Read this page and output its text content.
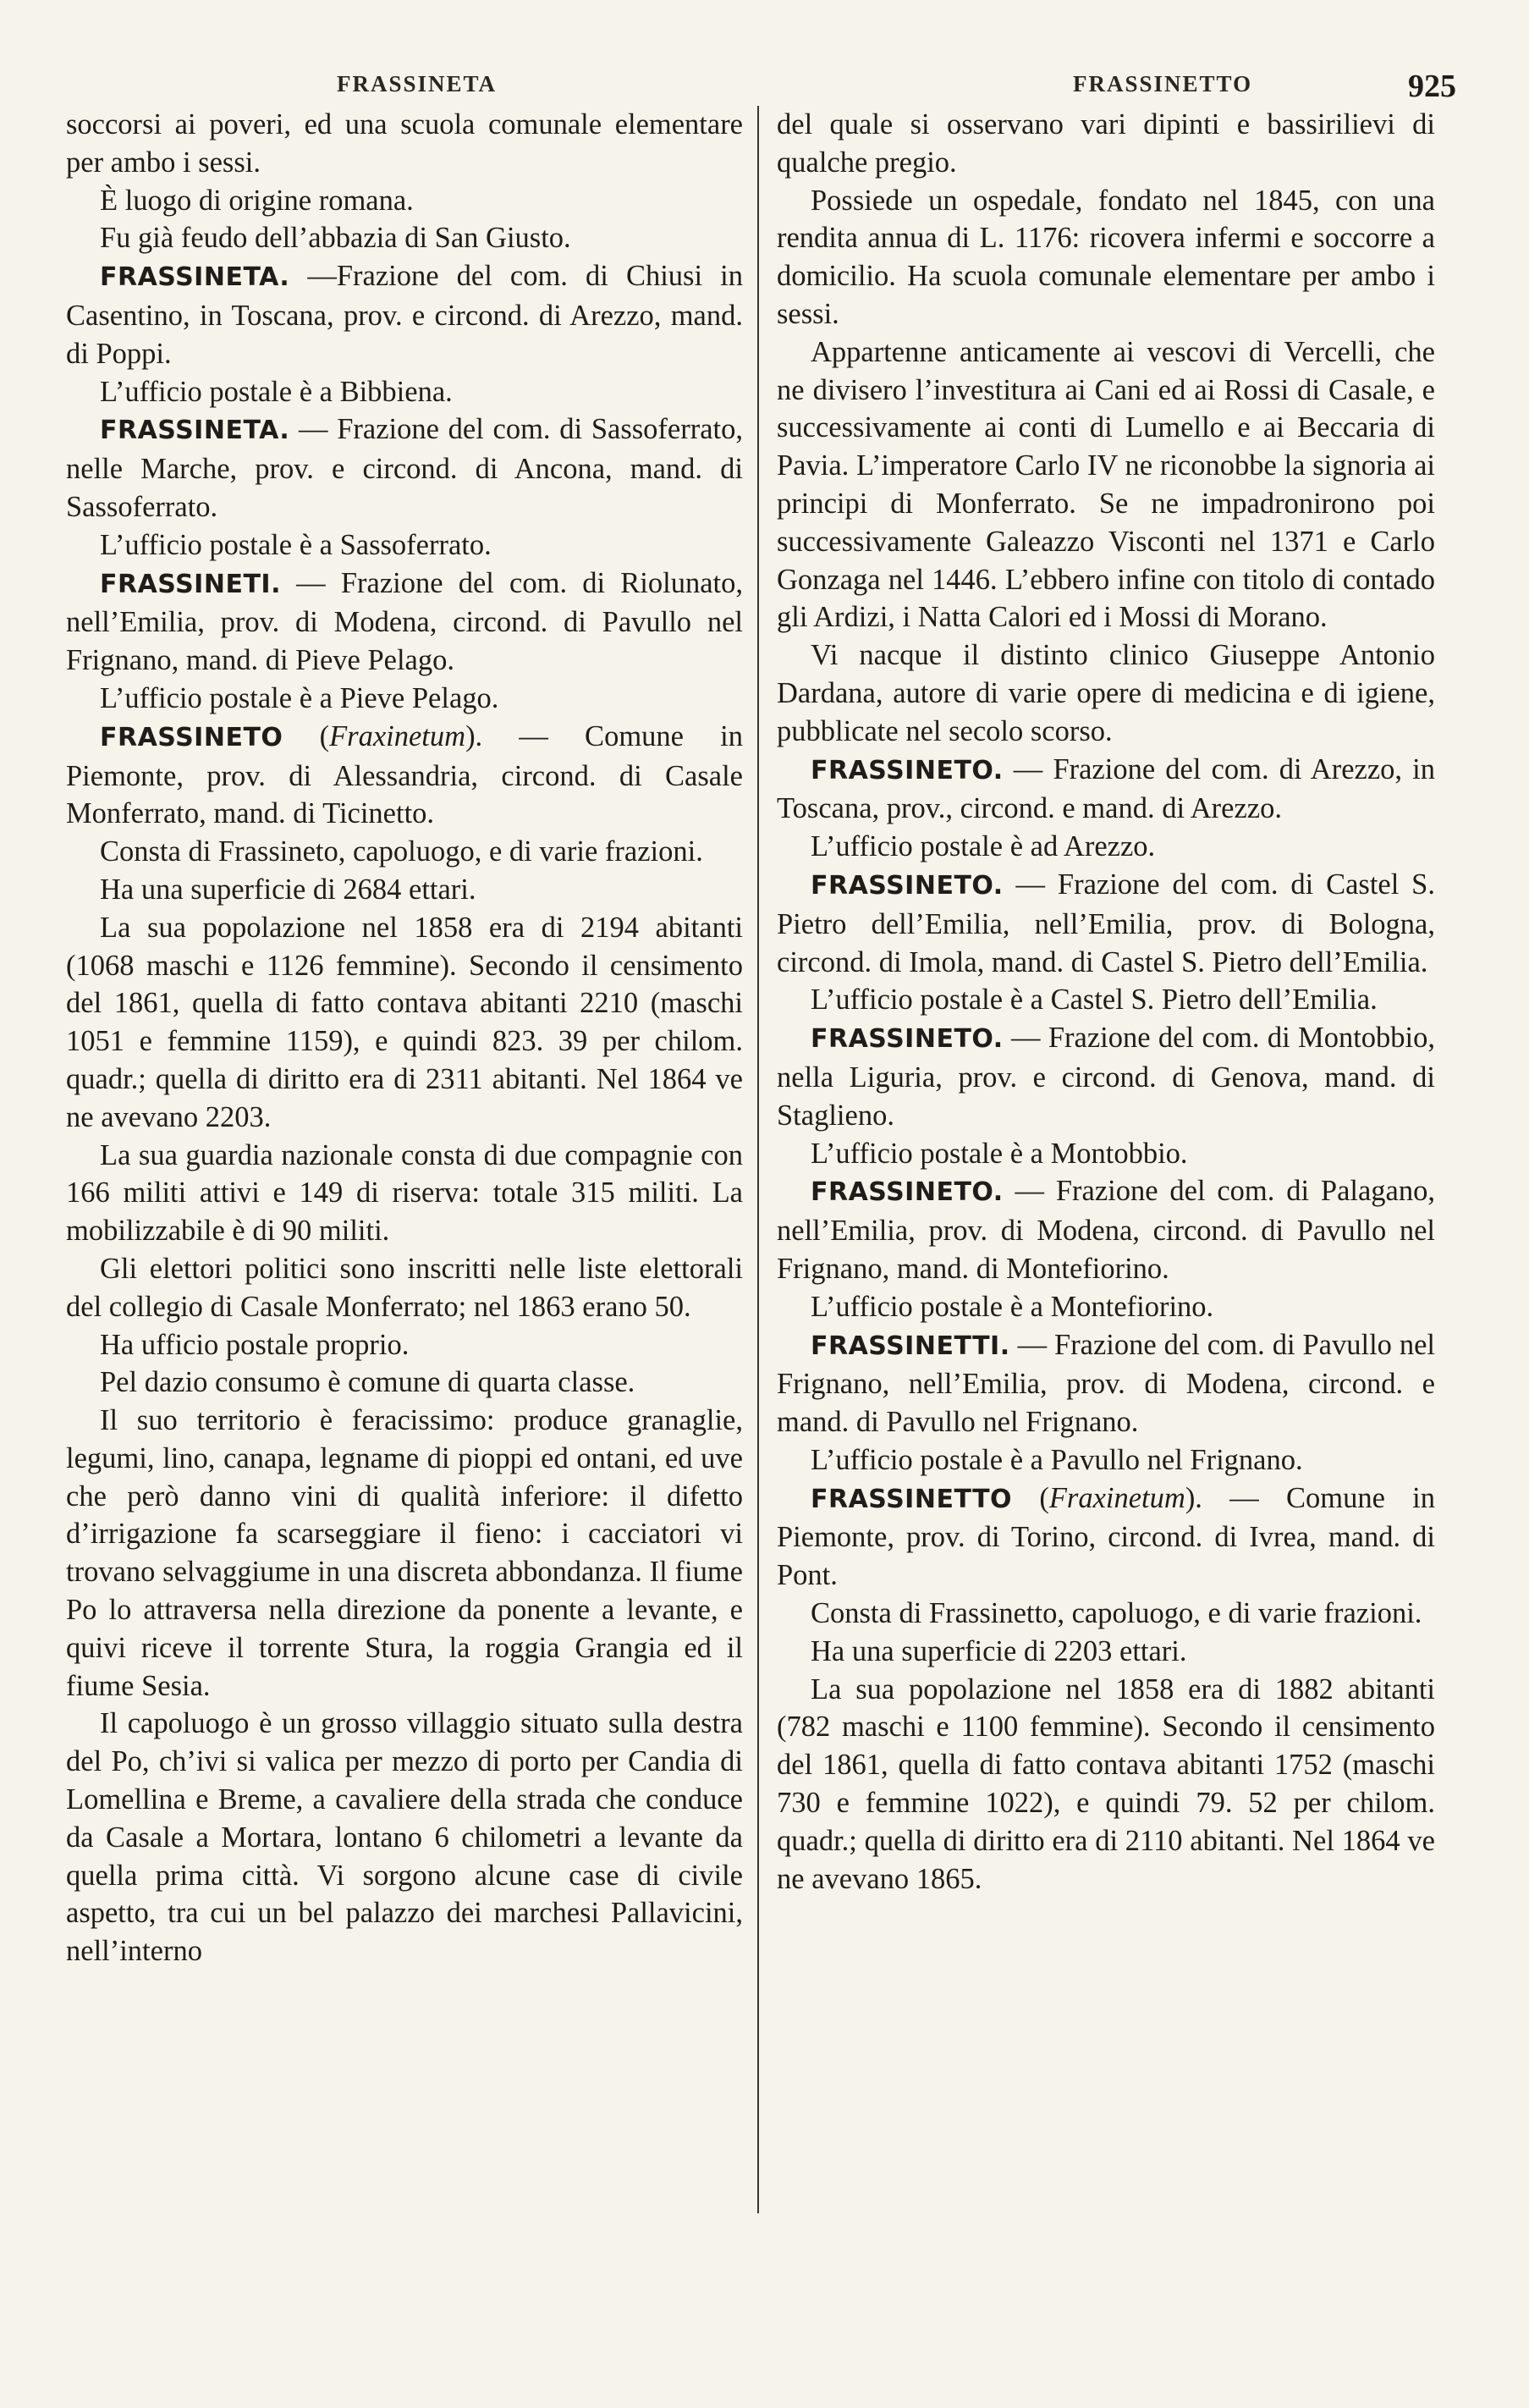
FRASSINETA	FRASSINETTO	925

soccorsi ai poveri, ed una scuola comunale elementare per ambo i sessi.

È luogo di origine romana.

Fu già feudo dell’abbazia di San Giusto.

FRASSINETA. —Frazione del com. di Chiusi in Casentino, in Toscana, prov. e circond. di Arezzo, mand. di Poppi.

L’ufficio postale è a Bibbiena.

FRASSINETA. — Frazione del com. di Sassoferrato, nelle Marche, prov. e circond. di Ancona, mand. di Sassoferrato.

L’ufficio postale è a Sassoferrato.

FRASSINETI. — Frazione del com. di Riolunato, nell’Emilia, prov. di Modena, circond. di Pavullo nel Frignano, mand. di Pieve Pelago.

L’ufficio postale è a Pieve Pelago.

FRASSINETO (Fraxinetum). — Comune in Piemonte, prov. di Alessandria, circond. di Casale Monferrato, mand. di Ticinetto.

Consta di Frassineto, capoluogo, e di varie frazioni.

Ha una superficie di 2684 ettari.

La sua popolazione nel 1858 era di 2194 abitanti (1068 maschi e 1126 femmine). Secondo il censimento del 1861, quella di fatto contava abitanti 2210 (maschi 1051 e femmine 1159), e quindi 823. 39 per chilom. quadr.; quella di diritto era di 2311 abitanti. Nel 1864 ve ne avevano 2203.

La sua guardia nazionale consta di due compagnie con 166 militi attivi e 149 di riserva: totale 315 militi. La mobilizzabile è di 90 militi.

Gli elettori politici sono inscritti nelle liste elettorali del collegio di Casale Monferrato; nel 1863 erano 50.

Ha ufficio postale proprio.

Pel dazio consumo è comune di quarta classe.

Il suo territorio è feracissimo: produce granaglie, legumi, lino, canapa, legname di pioppi ed ontani, ed uve che però danno vini di qualità inferiore: il difetto d’irrigazione fa scarseggiare il fieno: i cacciatori vi trovano selvaggiume in una discreta abbondanza. Il fiume Po lo attraversa nella direzione da ponente a levante, e quivi riceve il torrente Stura, la roggia Grangia ed il fiume Sesia.

Il capoluogo è un grosso villaggio situato sulla destra del Po, ch’ivi si valica per mezzo di porto per Candia di Lomellina e Breme, a cavaliere della strada che conduce da Casale a Mortara, lontano 6 chilometri a levante da quella prima città. Vi sorgono alcune case di civile aspetto, tra cui un bel palazzo dei marchesi Pallavicini, nell’interno

del quale si osservano vari dipinti e bassirilievi di qualche pregio.

Possiede un ospedale, fondato nel 1845, con una rendita annua di L. 1176: ricovera infermi e soccorre a domicilio. Ha scuola comunale elementare per ambo i sessi.

Appartenne anticamente ai vescovi di Vercelli, che ne divisero l’investitura ai Cani ed ai Rossi di Casale, e successivamente ai conti di Lumello e ai Beccaria di Pavia. L’imperatore Carlo IV ne riconobbe la signoria ai principi di Monferrato. Se ne impadronirono poi successivamente Galeazzo Visconti nel 1371 e Carlo Gonzaga nel 1446. L’ebbero infine con titolo di contado gli Ardizi, i Natta Calori ed i Mossi di Morano.

Vi nacque il distinto clinico Giuseppe Antonio Dardana, autore di varie opere di medicina e di igiene, pubblicate nel secolo scorso.

FRASSINETO. — Frazione del com. di Arezzo, in Toscana, prov., circond. e mand. di Arezzo.

L’ufficio postale è ad Arezzo.

FRASSINETO. — Frazione del com. di Castel S. Pietro dell’Emilia, nell’Emilia, prov. di Bologna, circond. di Imola, mand. di Castel S. Pietro dell’Emilia.

L’ufficio postale è a Castel S. Pietro dell’Emilia.

FRASSINETO. — Frazione del com. di Montobbio, nella Liguria, prov. e circond. di Genova, mand. di Staglieno.

L’ufficio postale è a Montobbio.

FRASSINETO. — Frazione del com. di Palagano, nell’Emilia, prov. di Modena, circond. di Pavullo nel Frignano, mand. di Montefiorino.

L’ufficio postale è a Montefiorino.

FRASSINETTI. — Frazione del com. di Pavullo nel Frignano, nell’Emilia, prov. di Modena, circond. e mand. di Pavullo nel Frignano.

L’ufficio postale è a Pavullo nel Frignano.

FRASSINETTO (Fraxinetum). — Comune in Piemonte, prov. di Torino, circond. di Ivrea, mand. di Pont.

Consta di Frassinetto, capoluogo, e di varie frazioni.

Ha una superficie di 2203 ettari.

La sua popolazione nel 1858 era di 1882 abitanti (782 maschi e 1100 femmine). Secondo il censimento del 1861, quella di fatto contava abitanti 1752 (maschi 730 e femmine 1022), e quindi 79. 52 per chilom. quadr.; quella di diritto era di 2110 abitanti. Nel 1864 ve ne avevano 1865.
